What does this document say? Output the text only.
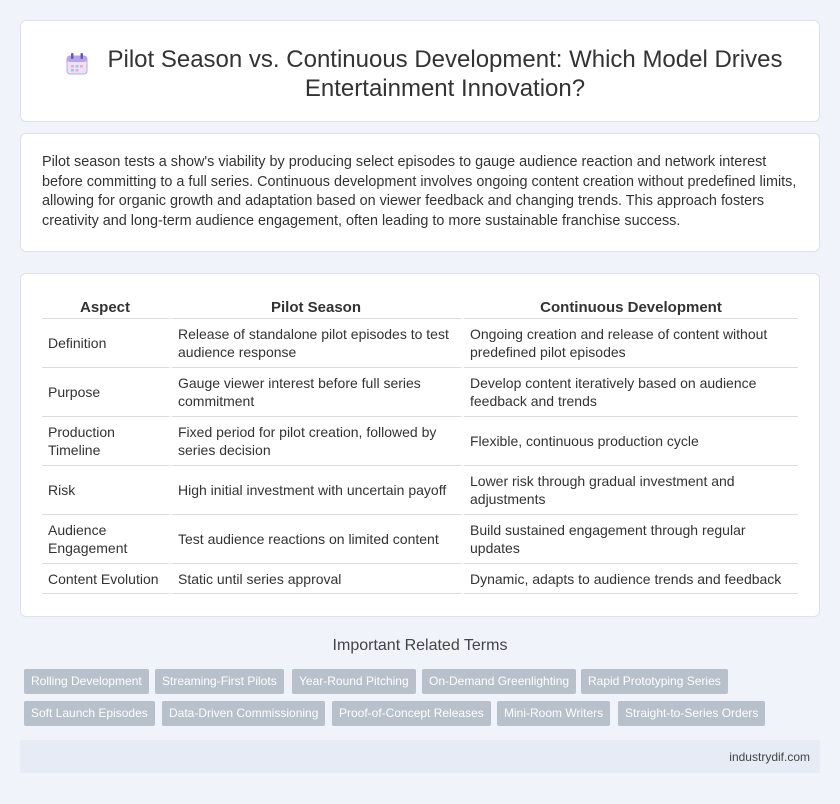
Pilot Season vs. Continuous Development: Which Model Drives Entertainment Innovation?

Pilot season tests a show's viability by producing select episodes to gauge audience reaction and network interest before committing to a full series. Continuous development involves ongoing content creation without predefined limits, allowing for organic growth and adaptation based on viewer feedback and changing trends. This approach fosters creativity and long-term audience engagement, often leading to more sustainable franchise success.

Aspect	Pilot Season	Continuous Development
Definition	Release of standalone pilot episodes to test audience response	Ongoing creation and release of content without predefined pilot episodes
Purpose	Gauge viewer interest before full series commitment	Develop content iteratively based on audience feedback and trends
Production Timeline	Fixed period for pilot creation, followed by series decision	Flexible, continuous production cycle
Risk	High initial investment with uncertain payoff	Lower risk through gradual investment and adjustments
Audience Engagement	Test audience reactions on limited content	Build sustained engagement through regular updates
Content Evolution	Static until series approval	Dynamic, adapts to audience trends and feedback
Important Related Terms
Rolling Development	Streaming-First Pilots	Year-Round Pitching	On-Demand Greenlighting	Rapid Prototyping Series
Soft Launch Episodes	Data-Driven Commissioning	Proof-of-Concept Releases	Mini-Room Writers	Straight-to-Series Orders
industrydif.com
